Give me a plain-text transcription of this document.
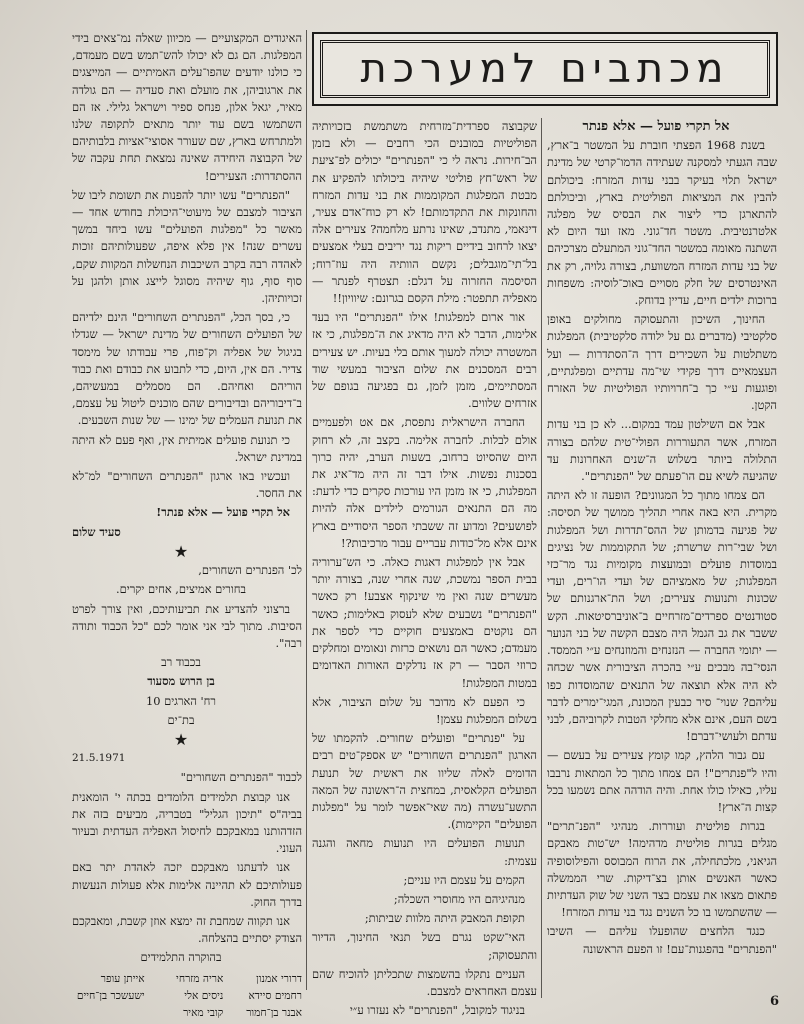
מכתבים למערכת

אל תקרי פועל — אלא פנתר

בשנת 1968 הפצתי חוברת על המשטר ב־ארץ, שבה הגעתי למסקנה שעתידה הדמו־קרטי של מדינת ישראל תלוי בעיקר בבני עדות המזרח: ביכולתם להבין את המציאות הפוליטית בארץ, וביכולתם להתארגן כדי ליצור את הבסיס של מפלגה אלטרנטיבית. משטר חד־גוני. מאז ועד היום לא השתנה מאומה במשטר החד־גוני המתעלם מצרכיהם של בני עדות המזרח המשוועת, בצורה גלויה, רק את האינטרסים של חלק מסויים באוכ־לוסיה: משפחות ברוכות ילדים חיים, עדיין בדוחק.

החינוך, השיכון והתעסוקה מחולקים באופן סלקטיבי (מדברים גם על ילודה סלקטיבית) המפלגות משתלטות על השכירים דרך ה־הסתדרות — ועל העצמאיים דרך פקידי שי־מה עדתיים ומפלגתיים, ופוגעות ע״י כך ב־חרויותיו הפוליטיות של האזרח הקטן.

אבל אם השילטון עמד במקום... לא כן בני עדות המזרח, אשר התעוררות הפולי־טית שלהם בצורה התלולה ביותר בשלוש ה־שנים האחרונות עד שהגיעה לשיא עם הו־פעתם של "הפנתרים".

הם צמחו מתוך כל המגוונים? הופעה זו לא היתה מקרית. היא באה אחרי תהליך ממושך של תסיסה: של פגיעה בדמותן של ההס־תדרות ושל המפלגות ושל שבי־רות שרשרת; של התקוממות של נציגים במוסדות פועלים ובמועצות מקומיות נגד מר־כזי המפלגות; של מאמציהם של ועדי הו־רים, ועדי שכונות ותנועות צעירים; ושל הת־ארגנותם של סטודנטים ספרדים־מזרחיים ב־אוניברסיטאות. הקש ששבר את גב הגמל היה מצבם הקשה של בני הנוער — יתומי החברה — הנזנחים והמוזנחים ע״י הממסד. הנסי־בה מבכים ע״י בהכרה הציבורית אשר שכחה לא היה אלא תוצאה של התנאים שהמוסדות כפו עליהם? שנוי־ סיר כבעין המכונת, המגי־ימרים לדבר בשם העם, אינם אלא מחלקי הטבות לקרוביהם, לבני עדתם ולעושי־דברם!

עם גבור הלהץ, קמו קומץ צעירים על בעשם — והיו ל"פנתרים"! הם צמחו מתוך כל המתאות נרבבו עליו, כאילו כולו אחת. והיה הודהה אתם נשמעו בכל קצות ה־ארץ!

בגרות פוליטית ועוררות. מנהיגי "הפנ־תרים" מגלים בגרות פוליטית מדהימה! יש־טות מאבקם הגיאני, מלכתחילה, את הרוח המבוסס והפילוסופיה כאשר האנשים אותן בצ־דיקות. שרי הממשלה פתאום מצאו את עצמם בצד השני של שוק העדתיות — שהשתמשו בו כל השנים נגד בני עדות המזרח!

כנגד הלחצים שהופעלו עליהם — השיבו "הפנתרים" בהפגנות־עם! זו הפעם הראשונה

שקבוצה ספרדית־מזרחית משתמשת בזכויותיה הפוליטיות במובנים הכי רחבים — ולא בזמן הב־חירות. נראה לי כי "הפנתרים" יכולים לפ־ציעת של ראש־חץ פוליטי שיהיה ביכולתו להפקיע את מבטת המפלגות המקוממות את בני עדות המזרח והחונקות את התקדמותם! לא רק כוח־אדם צעיר, דינאמי, מתנדב, שאינו נרתע מלחמה? צעירים אלה יצאו לרחוב בידיים ריקות נגד יריבים בעלי אמצעים בל־תי־מוגבלים; נקשם הוותיה היה עוז־רוח; הסיסמה החזרוה על דגלם: תצטרף לפנתר — מאפליה תתפטר: מילת הקסם בגרונם: שיוויון!!

אור ארום למפלגות! אילו "הפנתרים" היו בעד אלימות, הדבר לא היה מדאיג את ה־מפלגות, כי אז המשטרה יכולה למעוך אותם בלי בעיות. יש צעירים רבים המסכנים את שלום הציבור במעשי שוד המסתיימים, מזמן לזמן, גם בפגיעה בגופם של אזרחים שלווים.

החברה הישראלית נתפסת, אם אט ולפעמיים אולם לבלות. לחברה אלימה. בקצב זה, לא רחוק היום שהסיוט ברחוב, בשעות הערב, יהיה כרוך בסכנות נפשות. אילו דבר זה היה מד־איג את המפלגות, כי אז מזמן היו עורכות סקרים כדי לדעת: מה הם התנאים הגורמים לילדים אלה להיות לפושעים? ומדוע זה ששבתי הספר היסודיים בארץ אינם אלא מל־כודות עבריים עבור מרכיבות?!

אבל אין למפלגות דאגות כאלה. כי הש־ערוריה בבית הספר נמשכת, שנה אחרי שנה, בצורה יותר מעשרים שנה ואין מי שינקוף אצבע! רק כאשר "הפנתרים" נשבעים שלא לעסוק באלימות; כאשר הם נוקטים באמצעים חוקיים כדי לספר את מעמדם; כאשר הם נושאים כרזות ונאומים ומחלקים כרוזי הסבר — רק אז נדלקים האורות האדומים במטות המפלגות!

כי הפעם לא מדובר על שלום הציבור, אלא בשלום המפלגות עצמן!

על "פנתרים" ופועלים שחורים. להקמתו של הארגון "הפנתרים השחורים" יש אספק־טים רבים הדומים לאלה שליוו את ראשית של תנועת הפועלים הקלאסית, במחצית ה־ראשונה של המאה התשע־עשרה (מה שאי־אפשר לומר על "מפלגות הפועלים" הקיימות).

תנועות הפועלים היו תנועות מחאה והגנה עצמית:

הקמים על עצמם היו עניים;

מנהיגיהם היו מחוסרי השכלה;

תקופת המאבק היתה מלוות שביתות;

האי־שקט נגרם בשל תנאי החינוך, הדיור והתעסוקה;

העניים נתקלו בהשמצות שתכליתן להוכיח שהם עצמם האחראים למצבם.

בניגוד למקובל, "הפנתרים" לא נעזרו ע״י

האיגודים המקצועיים — מכיוון שאלה נמ־צאים בידי המפלגות. הם גם לא יכולו להש־תמש בשם מעמדם, כי כולנו יודעים שהפו־עלים האמיתיים — המייצגים את ארגוביהן, את מועלם ואת סעדיה — הם גולדה מאיר, יגאל אלון, פנחס ספיר וישראל גלילי. אז הם השתמשו בשם עוד יותר מתאים לתקופה שלנו ולמתרחש בארץ, שם שעורר אסוצי־אציות בלבותיהם של הקבוצה היחידה שאינה נמצאת תחת עקבה של ההסתדרות: הצעירים!

"הפנתרים" עשו יותר להפנות את תשומת ליבו של הציבור למצבם של מיעוטי־היכולת בחודש אחד — מאשר כל "מפלגות הפועלים" עשו ביחד במשך עשרים שנה! אין פלא איפה, שפעולותיהם זוכות לאהדה רבה בקרב השיכבות הנחשלות המקוות שקם, סוף סוף, גוף שיהיה מסוגל לייצג אותן ולהגן על זכויותיהן.

כי, בסך הכל, "הפנתרים השחורים" הינם ילדיהם של הפועלים השחורים של מדינת ישראל — שגדלו בגיגול של אפליה וק־פוח, פרי עבודתו של מימסד צדיר. הם אין, היום, כדי לתבוע את כבודם ואת כבוד הוריהם ואחיהם. הם מסמלים במעשיהם, ב־דיבוריהם ובדיבורים שהם מוכנים ליטול על עצמם, את תנועת העמלים של ימינו — של שנות השבעים.

כי תנועת פועלים אמיתית אין, ואף פעם לא היתה במדינת ישראל.

ועכשיו באו ארגון "הפנתרים השחורים" למ־לא את החסר.

אל תקרי פועל — אלא פנתר!

סעיד שלום

★

לכ' הפנתרים השחורים,

בחורים אמיצים, אחים יקרים.

ברצוני להצדיע את תביעותיכם, ואין צורך לפרט הסיבות. מתוך לבי אני אומר לכם "כל הכבוד ותודה רבה".

בכבוד רב

בן הרוש מסעוד

רח' הארגים 10

בת־ים

★

21.5.1971

לכבוד "הפנתרים השחורים"

אנו קבוצת תלמידים הלומדים בכתה י' הומאנית בביה"ס "תיכון הגליל" בטבריה, מביעים בזה את הזדהותנו במאבקכם לחיסול האפליה העדתית ובעיור העוני.

אנו לדעתנו מאבקכם יזכה לאהדת יתר באם פעולותיכם לא תהיינה אלימות אלא פעולות הנעשות בדרך החוק.

אנו תקווה שמחבת זה ימצא אוזן קשבת, ומאבקכם הצודק יסתיים בהצלחה.

בהוקרה התלמידים

דרורי אמנון
אריה מזרחי
אייתן עופר
רחמים סיידא
ניסים אלי
ישעשכר בן־חיים
אבנר בן־חמור
קובי מאיר
6
